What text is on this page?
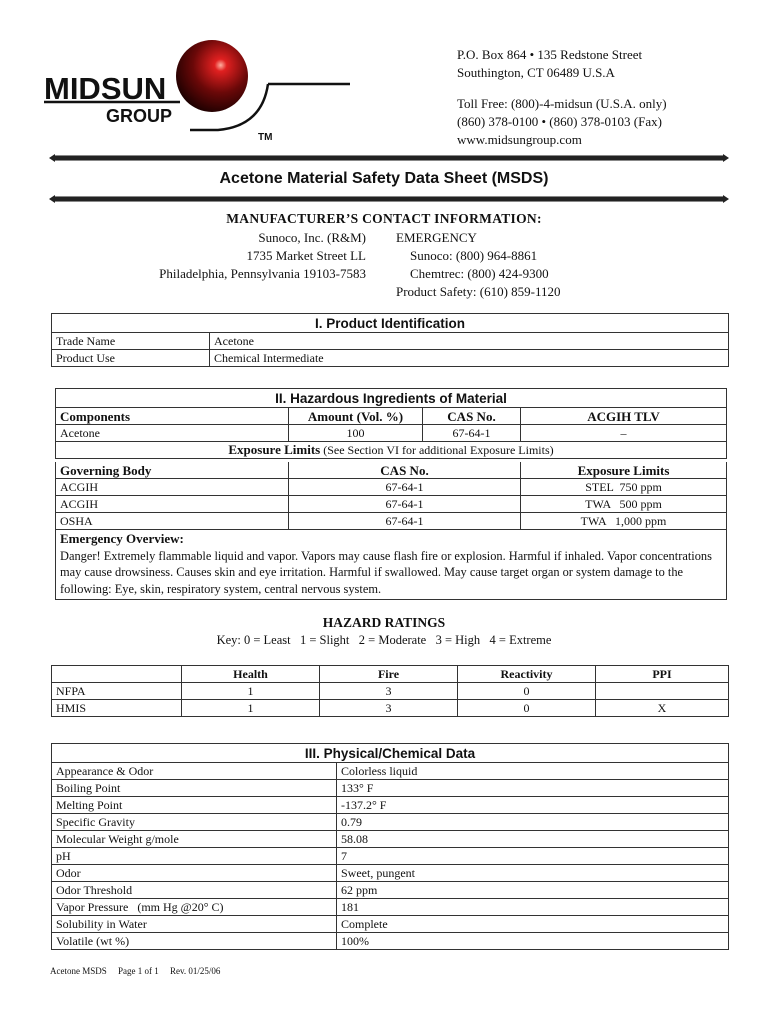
MIDSUN
GROUP
TM
P.O. Box 864 • 135 Redstone Street
Southington, CT 06489 U.S.A
Toll Free: (800)-4-midsun (U.S.A. only)
(860) 378-0100 • (860) 378-0103 (Fax)
www.midsungroup.com
Acetone Material Safety Data Sheet (MSDS)
MANUFACTURER’S CONTACT INFORMATION:
Sunoco, Inc. (R&M)
1735 Market Street LL
Philadelphia, Pennsylvania 19103-7583
EMERGENCY
Sunoco: (800) 964-8861
Chemtrec: (800) 424-9300
Product Safety: (610) 859-1120
I. Product Identification	
Trade Name	Acetone
Product Use	Chemical Intermediate
II. Hazardous Ingredients of Material			
Components	Amount (Vol. %)	CAS No.	ACGIH TLV
Acetone	100	67-64-1	–
Exposure Limits (See Section VI for additional Exposure Limits)			
Governing Body	CAS No.	Exposure Limits
ACGIH	67-64-1	STEL  750 ppm
ACGIH	67-64-1	TWA   500 ppm
OSHA	67-64-1	TWA   1,000 ppm

Emergency Overview:
Danger! Extremely flammable liquid and vapor. Vapors may cause flash fire or explosion. Harmful if inhaled. Vapor concentrations may cause drowsiness. Causes skin and eye irritation. Harmful if swallowed. May cause target organ or system damage to the following: Eye, skin, respiratory system, central nervous system.		
HAZARD RATINGS
Key: 0 = Least   1 = Slight   2 = Moderate   3 = High   4 = Extreme
	Health	Fire	Reactivity	PPI
NFPA	1	3	0	
HMIS	1	3	0	X
III. Physical/Chemical Data	
Appearance & Odor	Colorless liquid
Boiling Point	133° F
Melting Point	-137.2° F
Specific Gravity	0.79
Molecular Weight g/mole	58.08
pH	7
Odor	Sweet, pungent
Odor Threshold	62 ppm
Vapor Pressure   (mm Hg @20° C)	181
Solubility in Water	Complete
Volatile (wt %)	100%
Acetone MSDS     Page 1 of 1     Rev. 01/25/06
